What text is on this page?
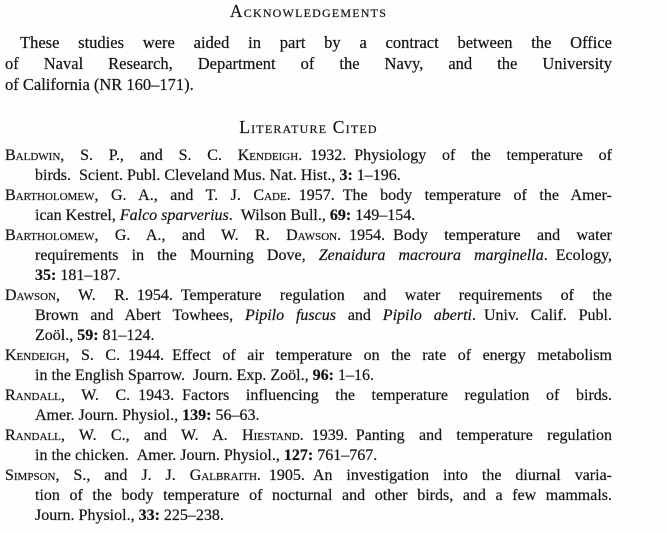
Acknowledgements
These studies were aided in part by a contract between the Office
of Naval Research, Department of the Navy, and the University
of California (NR 160–171).
Literature Cited

Baldwin, S. P., and S. C. Kendeigh. 1932. Physiology of the temperature of
birds. Scient. Publ. Cleveland Mus. Nat. Hist., 3: 1–196.

Bartholomew, G. A., and T. J. Cade. 1957. The body temperature of the Amer-
ican Kestrel, Falco sparverius. Wilson Bull., 69: 149–154.

Bartholomew, G. A., and W. R. Dawson. 1954. Body temperature and water
requirements in the Mourning Dove, Zenaidura macroura marginella. Ecology,
35: 181–187.

Dawson, W. R. 1954. Temperature regulation and water requirements of the
Brown and Abert Towhees, Pipilo fuscus and Pipilo aberti. Univ. Calif. Publ.
Zoöl., 59: 81–124.

Kendeigh, S. C. 1944. Effect of air temperature on the rate of energy metabolism
in the English Sparrow. Journ. Exp. Zoöl., 96: 1–16.

Randall, W. C. 1943. Factors influencing the temperature regulation of birds.
Amer. Journ. Physiol., 139: 56–63.

Randall, W. C., and W. A. Hiestand. 1939. Panting and temperature regulation
in the chicken. Amer. Journ. Physiol., 127: 761–767.

Simpson, S., and J. J. Galbraith. 1905. An investigation into the diurnal varia-
tion of the body temperature of nocturnal and other birds, and a few mammals.
Journ. Physiol., 33: 225–238.
